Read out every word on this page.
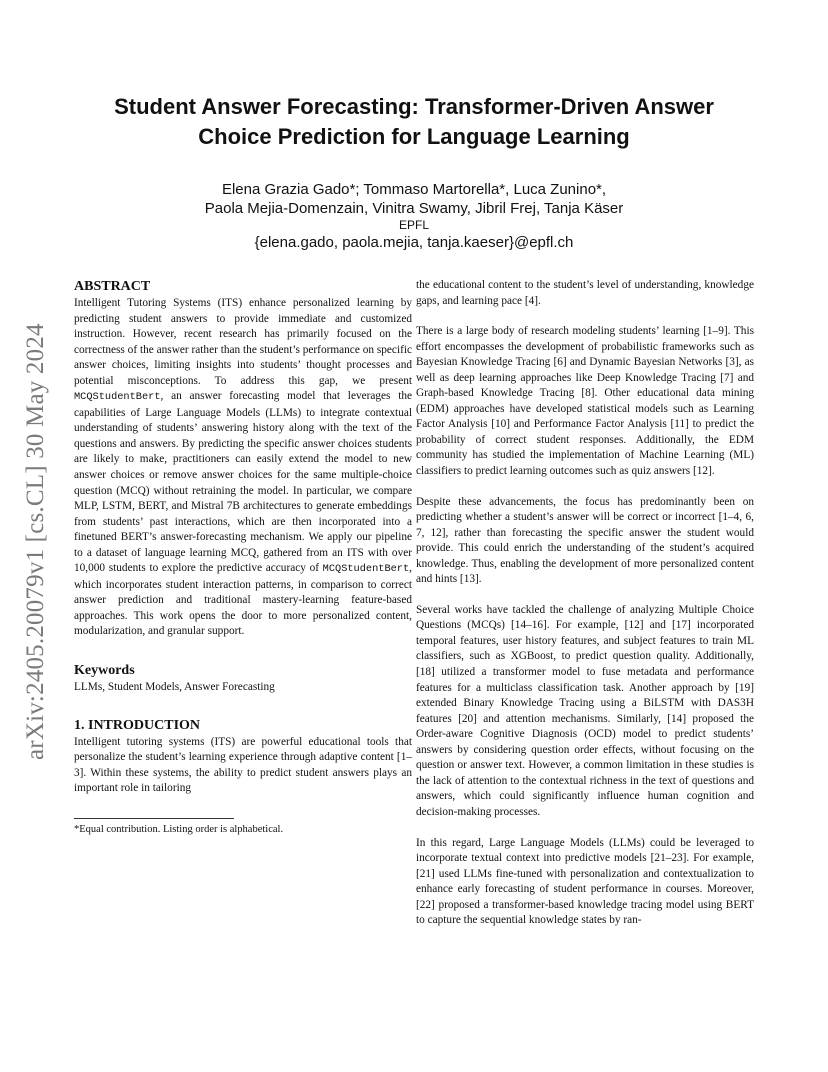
arXiv:2405.20079v1 [cs.CL] 30 May 2024
Student Answer Forecasting: Transformer-Driven Answer
Choice Prediction for Language Learning
Elena Grazia Gado*; Tommaso Martorella*, Luca Zunino*,
Paola Mejia-Domenzain, Vinitra Swamy, Jibril Frej, Tanja Käser
EPFL
{elena.gado, paola.mejia, tanja.kaeser}@epfl.ch
ABSTRACT

Intelligent Tutoring Systems (ITS) enhance personalized learning by predicting student answers to provide immediate and customized instruction. However, recent research has primarily focused on the correctness of the answer rather than the student’s performance on specific answer choices, limiting insights into students’ thought processes and potential misconceptions. To address this gap, we present MCQStudentBert, an answer forecasting model that leverages the capabilities of Large Language Models (LLMs) to integrate contextual understanding of students’ answering history along with the text of the questions and answers. By predicting the specific answer choices students are likely to make, practitioners can easily extend the model to new answer choices or remove answer choices for the same multiple-choice question (MCQ) without retraining the model. In particular, we compare MLP, LSTM, BERT, and Mistral 7B architectures to generate embeddings from students’ past interactions, which are then incorporated into a finetuned BERT’s answer-forecasting mechanism. We apply our pipeline to a dataset of language learning MCQ, gathered from an ITS with over 10,000 students to explore the predictive accuracy of MCQStudentBert, which incorporates student interaction patterns, in comparison to correct answer prediction and traditional mastery-learning feature-based approaches. This work opens the door to more personalized content, modularization, and granular support.

Keywords

LLMs, Student Models, Answer Forecasting

1. INTRODUCTION

Intelligent tutoring systems (ITS) are powerful educational tools that personalize the student’s learning experience through adaptive content [1–3]. Within these systems, the ability to predict student answers plays an important role in tailoring

*Equal contribution. Listing order is alphabetical.

the educational content to the student’s level of understanding, knowledge gaps, and learning pace [4].

There is a large body of research modeling students’ learning [1–9]. This effort encompasses the development of probabilistic frameworks such as Bayesian Knowledge Tracing [6] and Dynamic Bayesian Networks [3], as well as deep learning approaches like Deep Knowledge Tracing [7] and Graph-based Knowledge Tracing [8]. Other educational data mining (EDM) approaches have developed statistical models such as Learning Factor Analysis [10] and Performance Factor Analysis [11] to predict the probability of correct student responses. Additionally, the EDM community has studied the implementation of Machine Learning (ML) classifiers to predict learning outcomes such as quiz answers [12].

Despite these advancements, the focus has predominantly been on predicting whether a student’s answer will be correct or incorrect [1–4, 6, 7, 12], rather than forecasting the specific answer the student would provide. This could enrich the understanding of the student’s acquired knowledge. Thus, enabling the development of more personalized content and hints [13].

Several works have tackled the challenge of analyzing Multiple Choice Questions (MCQs) [14–16]. For example, [12] and [17] incorporated temporal features, user history features, and subject features to train ML classifiers, such as XGBoost, to predict question quality. Additionally, [18] utilized a transformer model to fuse metadata and performance features for a multiclass classification task. Another approach by [19] extended Binary Knowledge Tracing using a BiLSTM with DAS3H features [20] and attention mechanisms. Similarly, [14] proposed the Order-aware Cognitive Diagnosis (OCD) model to predict students’ answers by considering question order effects, without focusing on the question or answer text. However, a common limitation in these studies is the lack of attention to the contextual richness in the text of questions and answers, which could significantly influence human cognition and decision-making processes.

In this regard, Large Language Models (LLMs) could be leveraged to incorporate textual context into predictive models [21–23]. For example, [21] used LLMs fine-tuned with personalization and contextualization to enhance early forecasting of student performance in courses. Moreover, [22] proposed a transformer-based knowledge tracing model using BERT to capture the sequential knowledge states by ran-
